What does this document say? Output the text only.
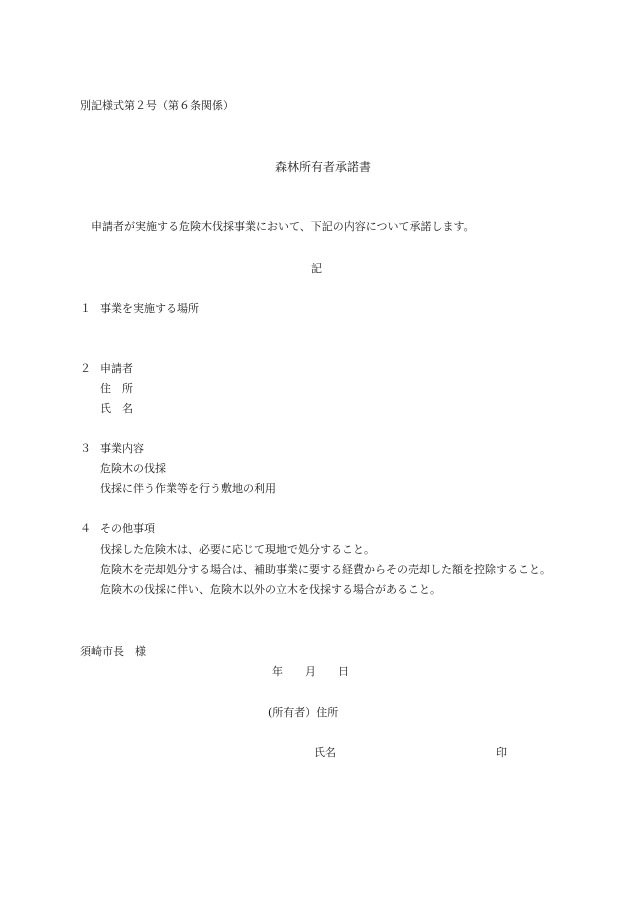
別記様式第２号（第６条関係）
森林所有者承諾書
申請者が実施する危険木伐採事業において、下記の内容について承諾します。
記
１ 事業を実施する場所
２ 申請者
住　所
氏　名
３ 事業内容
危険木の伐採
伐採に伴う作業等を行う敷地の利用
４ その他事項
伐採した危険木は、必要に応じて現地で処分すること。
危険木を売却処分する場合は、補助事業に要する経費からその売却した額を控除すること。
危険木の伐採に伴い、危険木以外の立木を伐採する場合があること。
須崎市長　様
年 月 日
(所有者）住所
氏名	印
